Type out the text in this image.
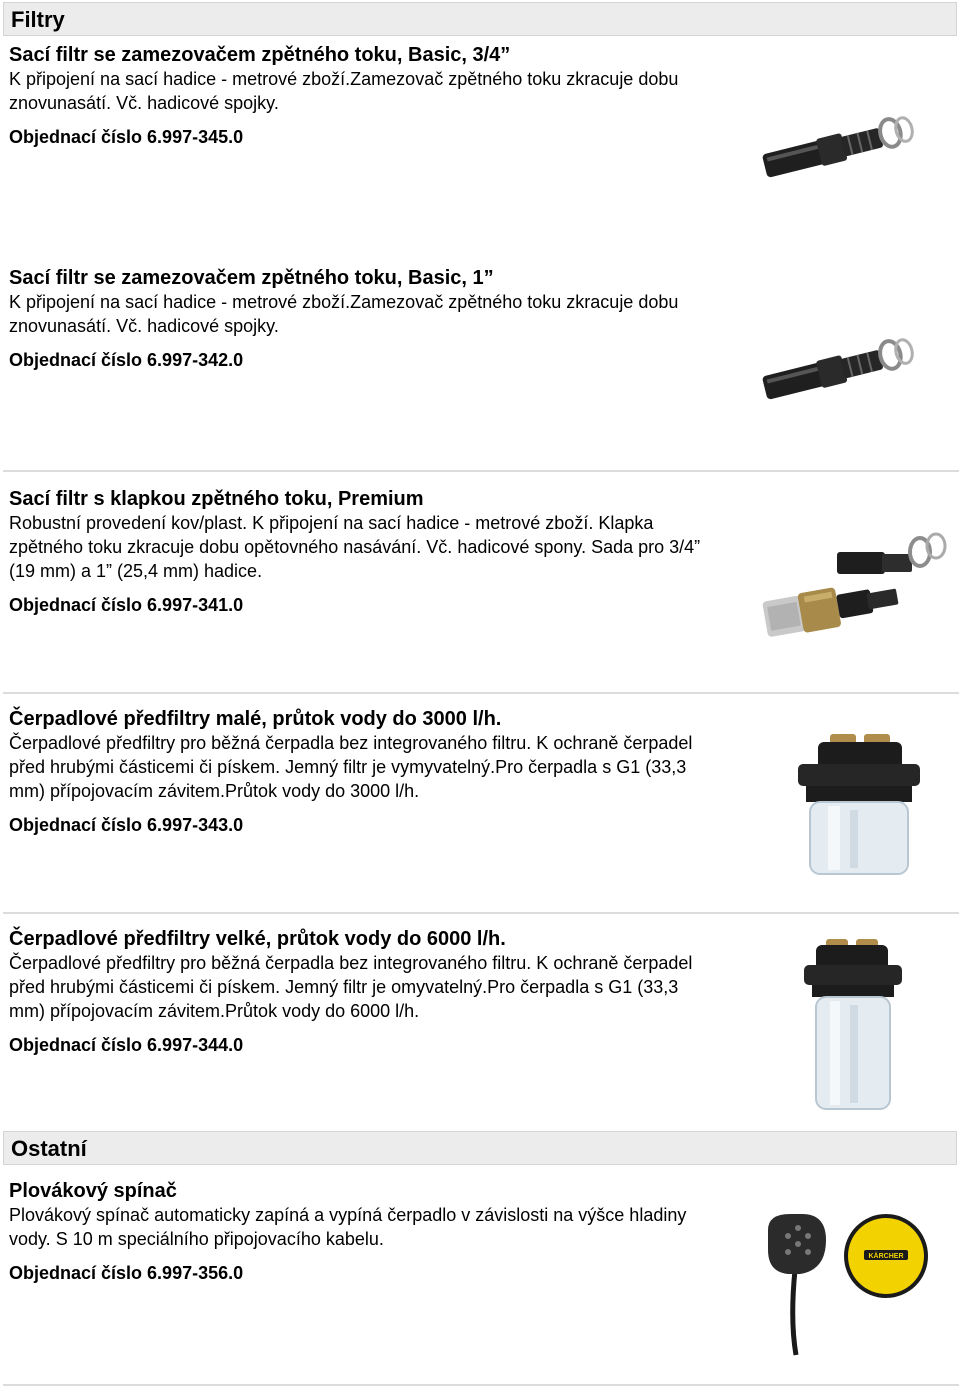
Filtry
Sací filtr se zamezovačem zpětného toku, Basic, 3/4”
K připojení na sací hadice - metrové zboží.Zamezovač zpětného toku zkracuje dobu znovunasátí. Vč. hadicové spojky.
Objednací číslo 6.997-345.0
Sací filtr se zamezovačem zpětného toku, Basic, 1”
K připojení na sací hadice - metrové zboží.Zamezovač zpětného toku zkracuje dobu znovunasátí. Vč. hadicové spojky.
Objednací číslo 6.997-342.0
Sací filtr s klapkou zpětného toku, Premium
Robustní provedení kov/plast. K připojení na sací hadice - metrové zboží. Klapka zpětného toku zkracuje dobu opětovného nasávání. Vč. hadicové spony. Sada pro 3/4” (19 mm) a 1” (25,4 mm) hadice.
Objednací číslo 6.997-341.0
Čerpadlové předfiltry malé, průtok vody do 3000 l/h.
Čerpadlové předfiltry pro běžná čerpadla bez integrovaného filtru. K ochraně čerpadel před hrubými částicemi či pískem. Jemný filtr je vymyvatelný.Pro čerpadla s G1 (33,3 mm) přípojovacím závitem.Průtok vody do 3000 l/h.
Objednací číslo 6.997-343.0
Čerpadlové předfiltry velké, průtok vody do 6000 l/h.
Čerpadlové předfiltry pro běžná čerpadla bez integrovaného filtru. K ochraně čerpadel před hrubými částicemi či pískem. Jemný filtr je omyvatelný.Pro čerpadla s G1 (33,3 mm) přípojovacím závitem.Průtok vody do 6000 l/h.
Objednací číslo 6.997-344.0
Ostatní
Plovákový spínač
Plovákový spínač automaticky zapíná a vypíná čerpadlo v závislosti na výšce hladiny vody. S 10 m speciálního připojovacího kabelu.
Objednací číslo 6.997-356.0
KÄRCHER
